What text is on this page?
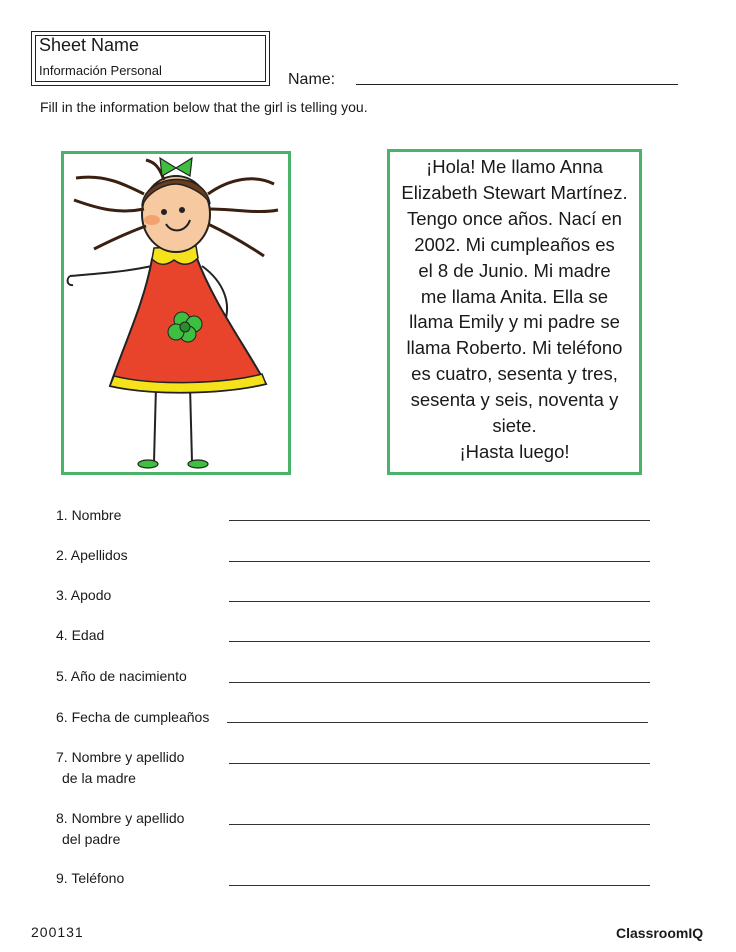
Sheet Name
Información Personal
Name:
Fill in the information below that the girl is telling you.
¡Hola! Me llamo Anna
Elizabeth Stewart Martínez.
Tengo once años. Nací en
2002. Mi cumpleaños es
el 8 de Junio. Mi madre
me llama Anita. Ella se
llama Emily y mi padre se
llama Roberto. Mi teléfono
es cuatro, sesenta y tres,
sesenta y seis, noventa y
siete.
¡Hasta luego!
1. Nombre
2. Apellidos
3. Apodo
4. Edad
5. Año de nacimiento
6. Fecha de cumpleaños
7. Nombre y apellido
de la madre
8. Nombre y apellido
del padre
9. Teléfono
200131	ClassroomIQ
